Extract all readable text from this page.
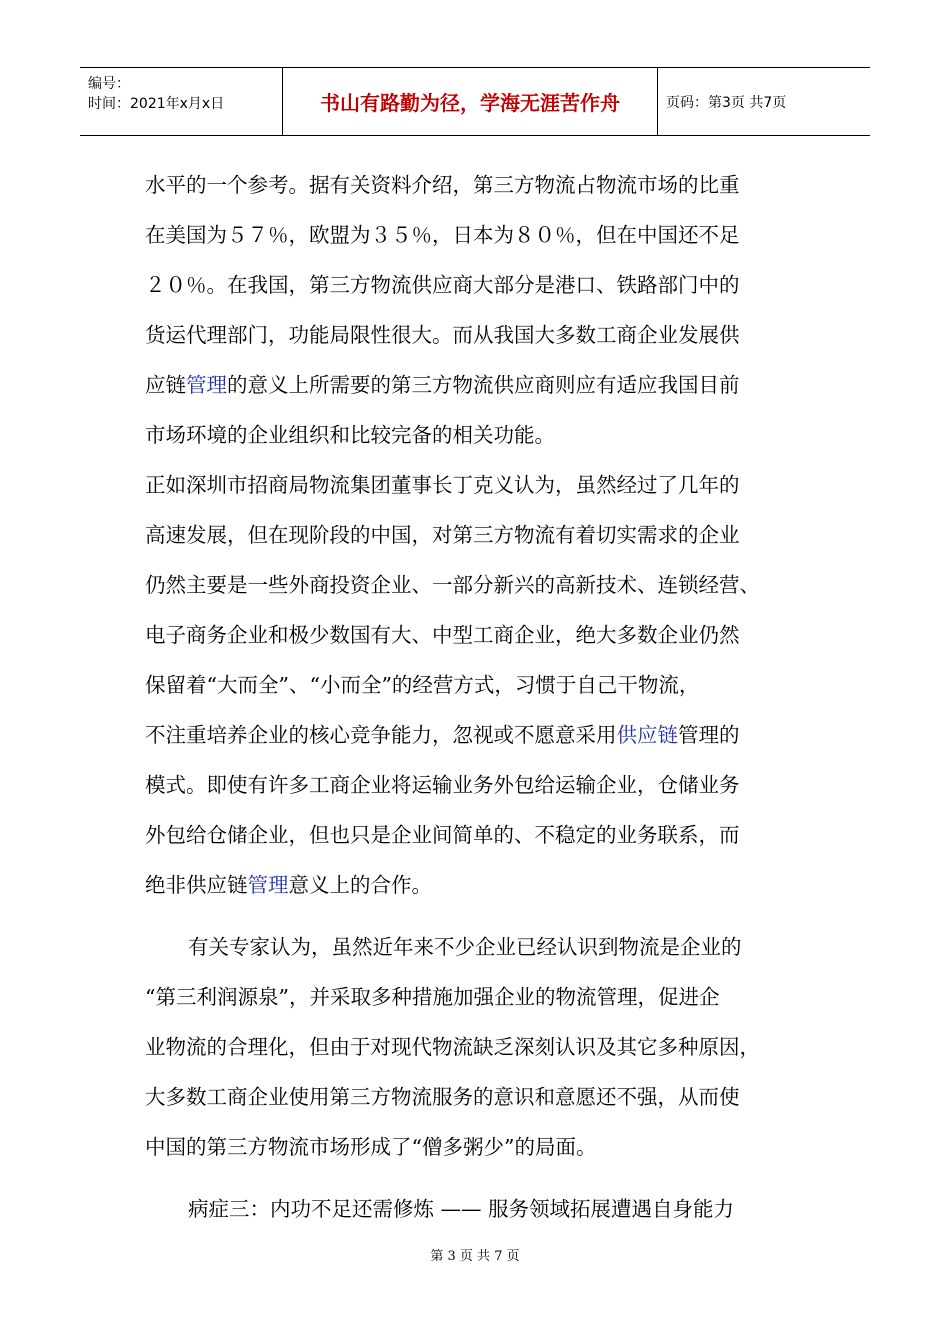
编号：
时间：2021年x月x日	书山有路勤为径，学海无涯苦作舟	页码：第3页 共7页

水平的一个参考。据有关资料介绍，第三方物流占物流市场的比重

在美国为５７％，欧盟为３５％，日本为８０％，但在中国还不足

２０％。在我国，第三方物流供应商大部分是港口、铁路部门中的

货运代理部门，功能局限性很大。而从我国大多数工商企业发展供

应链管理的意义上所需要的第三方物流供应商则应有适应我国目前

市场环境的企业组织和比较完备的相关功能。

正如深圳市招商局物流集团董事长丁克义认为，虽然经过了几年的

高速发展，但在现阶段的中国，对第三方物流有着切实需求的企业

仍然主要是一些外商投资企业、一部分新兴的高新技术、连锁经营、

电子商务企业和极少数国有大、中型工商企业，绝大多数企业仍然

保留着“大而全”、“小而全”的经营方式，习惯于自己干物流，

不注重培养企业的核心竞争能力，忽视或不愿意采用供应链管理的

模式。即使有许多工商企业将运输业务外包给运输企业，仓储业务

外包给仓储企业，但也只是企业间简单的、不稳定的业务联系，而

绝非供应链管理意义上的合作。

有关专家认为，虽然近年来不少企业已经认识到物流是企业的

“第三利润源泉”，并采取多种措施加强企业的物流管理，促进企

业物流的合理化，但由于对现代物流缺乏深刻认识及其它多种原因，

大多数工商企业使用第三方物流服务的意识和意愿还不强，从而使

中国的第三方物流市场形成了“僧多粥少”的局面。

病症三：内功不足还需修炼 —— 服务领域拓展遭遇自身能力

第 3 页 共 7 页
